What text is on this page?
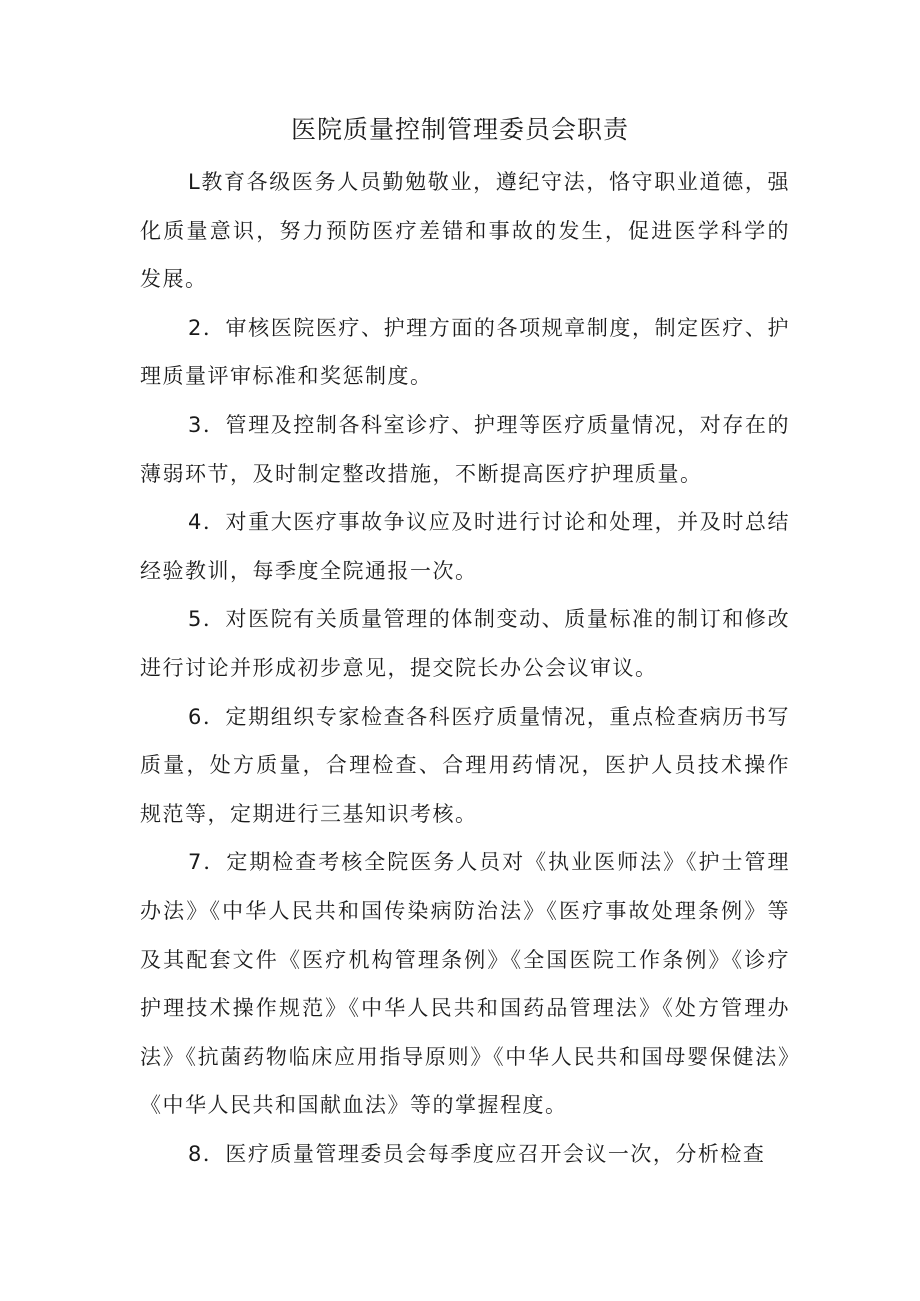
医院质量控制管理委员会职责

L教育各级医务人员勤勉敬业，遵纪守法，恪守职业道德，强化质量意识，努力预防医疗差错和事故的发生，促进医学科学的发展。

2．审核医院医疗、护理方面的各项规章制度，制定医疗、护理质量评审标准和奖惩制度。

3．管理及控制各科室诊疗、护理等医疗质量情况，对存在的薄弱环节，及时制定整改措施，不断提高医疗护理质量。

4．对重大医疗事故争议应及时进行讨论和处理，并及时总结经验教训，每季度全院通报一次。

5．对医院有关质量管理的体制变动、质量标准的制订和修改进行讨论并形成初步意见，提交院长办公会议审议。

6．定期组织专家检查各科医疗质量情况，重点检查病历书写质量，处方质量，合理检查、合理用药情况，医护人员技术操作规范等，定期进行三基知识考核。

7．定期检查考核全院医务人员对《执业医师法》《护士管理办法》《中华人民共和国传染病防治法》《医疗事故处理条例》等及其配套文件《医疗机构管理条例》《全国医院工作条例》《诊疗护理技术操作规范》《中华人民共和国药品管理法》《处方管理办法》《抗菌药物临床应用指导原则》《中华人民共和国母婴保健法》《中华人民共和国献血法》等的掌握程度。

8．医疗质量管理委员会每季度应召开会议一次，分析检查
